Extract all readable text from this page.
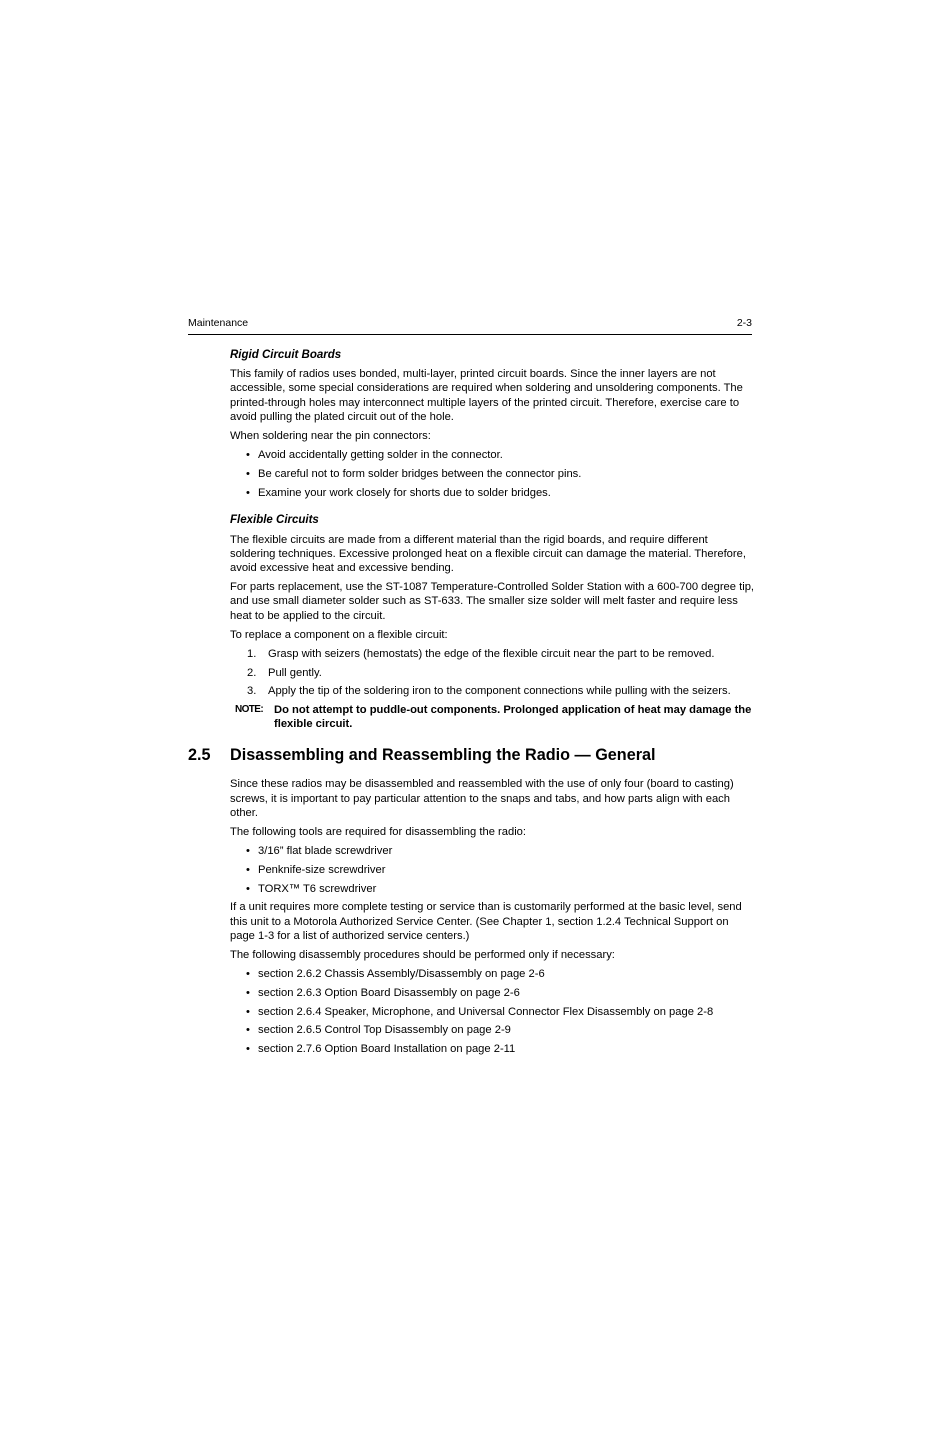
Maintenance	2-3
Rigid Circuit Boards

This family of radios uses bonded, multi-layer, printed circuit boards. Since the inner layers are not accessible, some special considerations are required when soldering and unsoldering components. The printed-through holes may interconnect multiple layers of the printed circuit. Therefore, exercise care to avoid pulling the plated circuit out of the hole.

When soldering near the pin connectors:

• Avoid accidentally getting solder in the connector.
• Be careful not to form solder bridges between the connector pins.
• Examine your work closely for shorts due to solder bridges.
Flexible Circuits

The flexible circuits are made from a different material than the rigid boards, and require different soldering techniques. Excessive prolonged heat on a flexible circuit can damage the material. Therefore, avoid excessive heat and excessive bending.

For parts replacement, use the ST-1087 Temperature-Controlled Solder Station with a 600-700 degree tip, and use small diameter solder such as ST-633. The smaller size solder will melt faster and require less heat to be applied to the circuit.

To replace a component on a flexible circuit:

1. Grasp with seizers (hemostats) the edge of the flexible circuit near the part to be removed.
2. Pull gently.
3. Apply the tip of the soldering iron to the component connections while pulling with the seizers.
NOTE: Do not attempt to puddle-out components. Prolonged application of heat may damage the flexible circuit.
2.5 Disassembling and Reassembling the Radio — General

Since these radios may be disassembled and reassembled with the use of only four (board to casting) screws, it is important to pay particular attention to the snaps and tabs, and how parts align with each other.

The following tools are required for disassembling the radio:

• 3/16” flat blade screwdriver
• Penknife-size screwdriver
• TORX™ T6 screwdriver

If a unit requires more complete testing or service than is customarily performed at the basic level, send this unit to a Motorola Authorized Service Center. (See Chapter 1, section 1.2.4 Technical Support on page 1-3 for a list of authorized service centers.)

The following disassembly procedures should be performed only if necessary:

• section 2.6.2 Chassis Assembly/Disassembly on page 2-6
• section 2.6.3 Option Board Disassembly on page 2-6
• section 2.6.4 Speaker, Microphone, and Universal Connector Flex Disassembly on page 2-8
• section 2.6.5 Control Top Disassembly on page 2-9
• section 2.7.6 Option Board Installation on page 2-11
